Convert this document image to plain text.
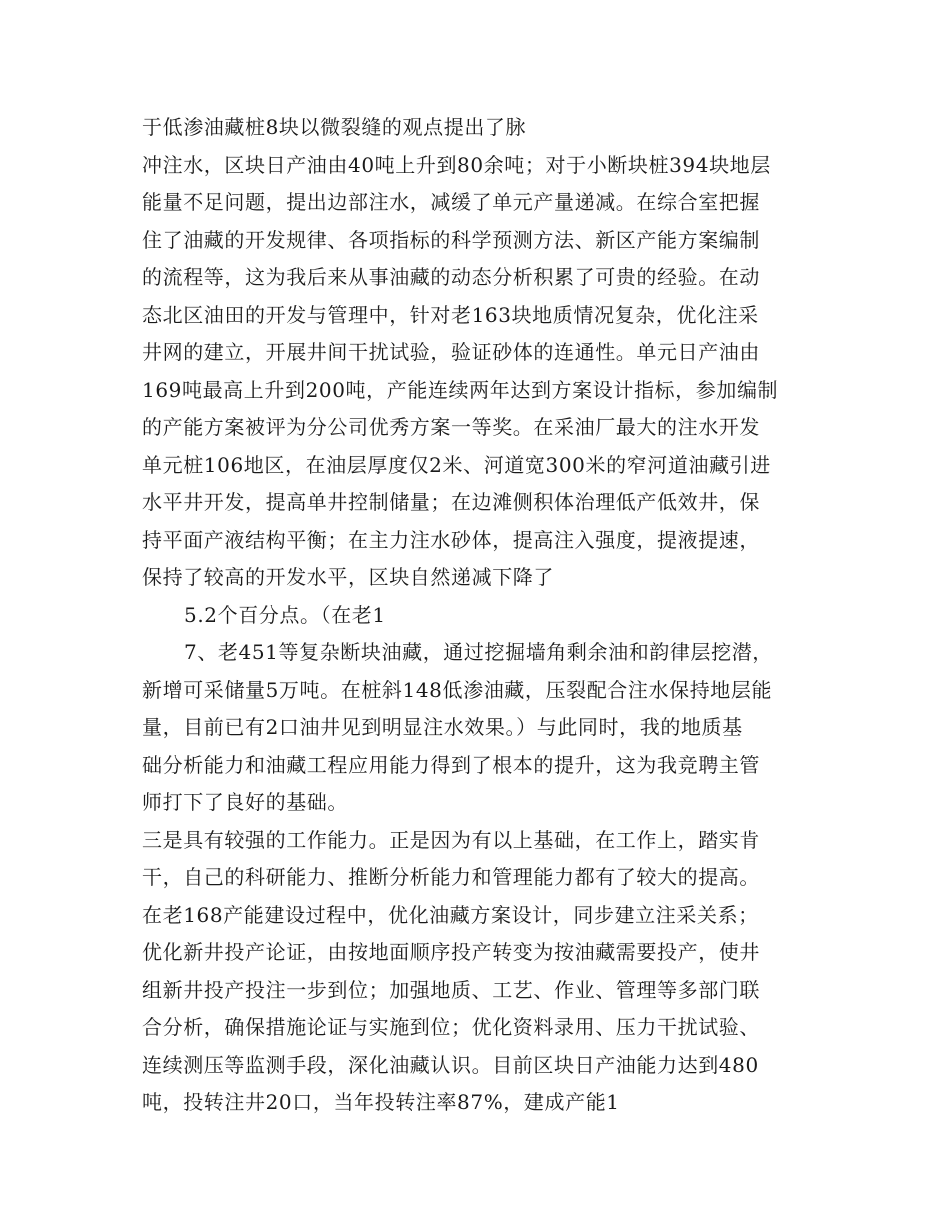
于低渗油藏桩8块以微裂缝的观点提出了脉
冲注水，区块日产油由40吨上升到80余吨；对于小断块桩394块地层
能量不足问题，提出边部注水，减缓了单元产量递减。在综合室把握
住了油藏的开发规律、各项指标的科学预测方法、新区产能方案编制
的流程等，这为我后来从事油藏的动态分析积累了可贵的经验。在动
态北区油田的开发与管理中，针对老163块地质情况复杂，优化注采
井网的建立，开展井间干扰试验，验证砂体的连通性。单元日产油由
169吨最高上升到200吨，产能连续两年达到方案设计指标，参加编制
的产能方案被评为分公司优秀方案一等奖。在采油厂最大的注水开发
单元桩106地区，在油层厚度仅2米、河道宽300米的窄河道油藏引进
水平井开发，提高单井控制储量；在边滩侧积体治理低产低效井，保
持平面产液结构平衡；在主力注水砂体，提高注入强度，提液提速，
保持了较高的开发水平，区块自然递减下降了
5.2个百分点。（在老1
7、老451等复杂断块油藏，通过挖掘墙角剩余油和韵律层挖潜，
新增可采储量5万吨。在桩斜148低渗油藏，压裂配合注水保持地层能
量，目前已有2口油井见到明显注水效果。）与此同时，我的地质基
础分析能力和油藏工程应用能力得到了根本的提升，这为我竞聘主管
师打下了良好的基础。
三是具有较强的工作能力。正是因为有以上基础，在工作上，踏实肯
干，自己的科研能力、推断分析能力和管理能力都有了较大的提高。
在老168产能建设过程中，优化油藏方案设计，同步建立注采关系；
优化新井投产论证，由按地面顺序投产转变为按油藏需要投产，使井
组新井投产投注一步到位；加强地质、工艺、作业、管理等多部门联
合分析，确保措施论证与实施到位；优化资料录用、压力干扰试验、
连续测压等监测手段，深化油藏认识。目前区块日产油能力达到480
吨，投转注井20口，当年投转注率87%，建成产能1
